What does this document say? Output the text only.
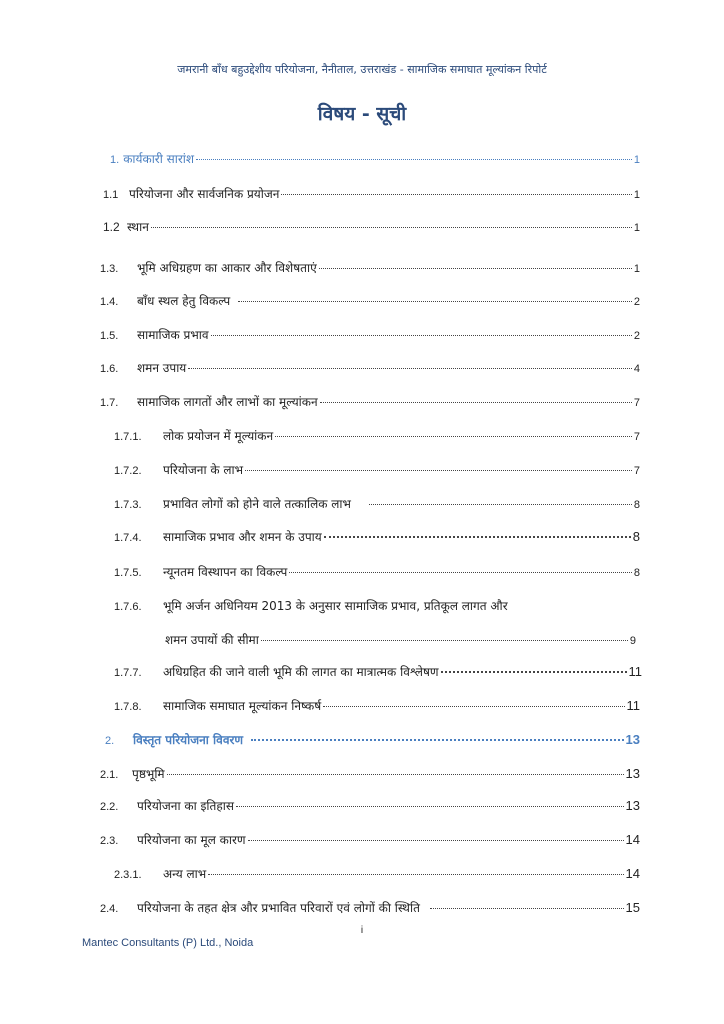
जमरानी बाँध बहुउद्देशीय परियोजना, नैनीताल, उत्तराखंड - सामाजिक समाघात मूल्यांकन रिपोर्ट
विषय - सूची
1. कार्यकारी सारांश	1
1.1 परियोजना और सार्वजनिक प्रयोजन	1
1.2 स्थान	1
1.3.	भूमि अधिग्रहण का आकार और विशेषताएं	1
1.4.	बाँध स्थल हेतु विकल्प	2
1.5.	सामाजिक प्रभाव	2
1.6.	शमन उपाय	4
1.7.	सामाजिक लागतों और लाभों का मूल्यांकन	7
1.7.1.	लोक प्रयोजन में मूल्यांकन	7
1.7.2.	परियोजना के लाभ	7
1.7.3.	प्रभावित लोगों को होने वाले तत्कालिक लाभ	8
1.7.4.	सामाजिक प्रभाव और शमन के उपाय	8
1.7.5.	न्यूनतम विस्थापन का विकल्प	8
1.7.6.	भूमि अर्जन अधिनियम 2013 के अनुसार सामाजिक प्रभाव, प्रतिकूल लागत और
शमन उपायों की सीमा	9
1.7.7.	अधिग्रहित की जाने वाली भूमि की लागत का मात्रात्मक विश्लेषण	11
1.7.8.	सामाजिक समाघात मूल्यांकन निष्कर्ष	11
2.	विस्तृत परियोजना विवरण	13
2.1.	पृष्ठभूमि	13
2.2.	परियोजना का इतिहास	13
2.3.	परियोजना का मूल कारण	14
2.3.1.	अन्य लाभ	14
2.4.	परियोजना के तहत क्षेत्र और प्रभावित परिवारों एवं लोगों की स्थिति	15
i
Mantec Consultants (P) Ltd., Noida
